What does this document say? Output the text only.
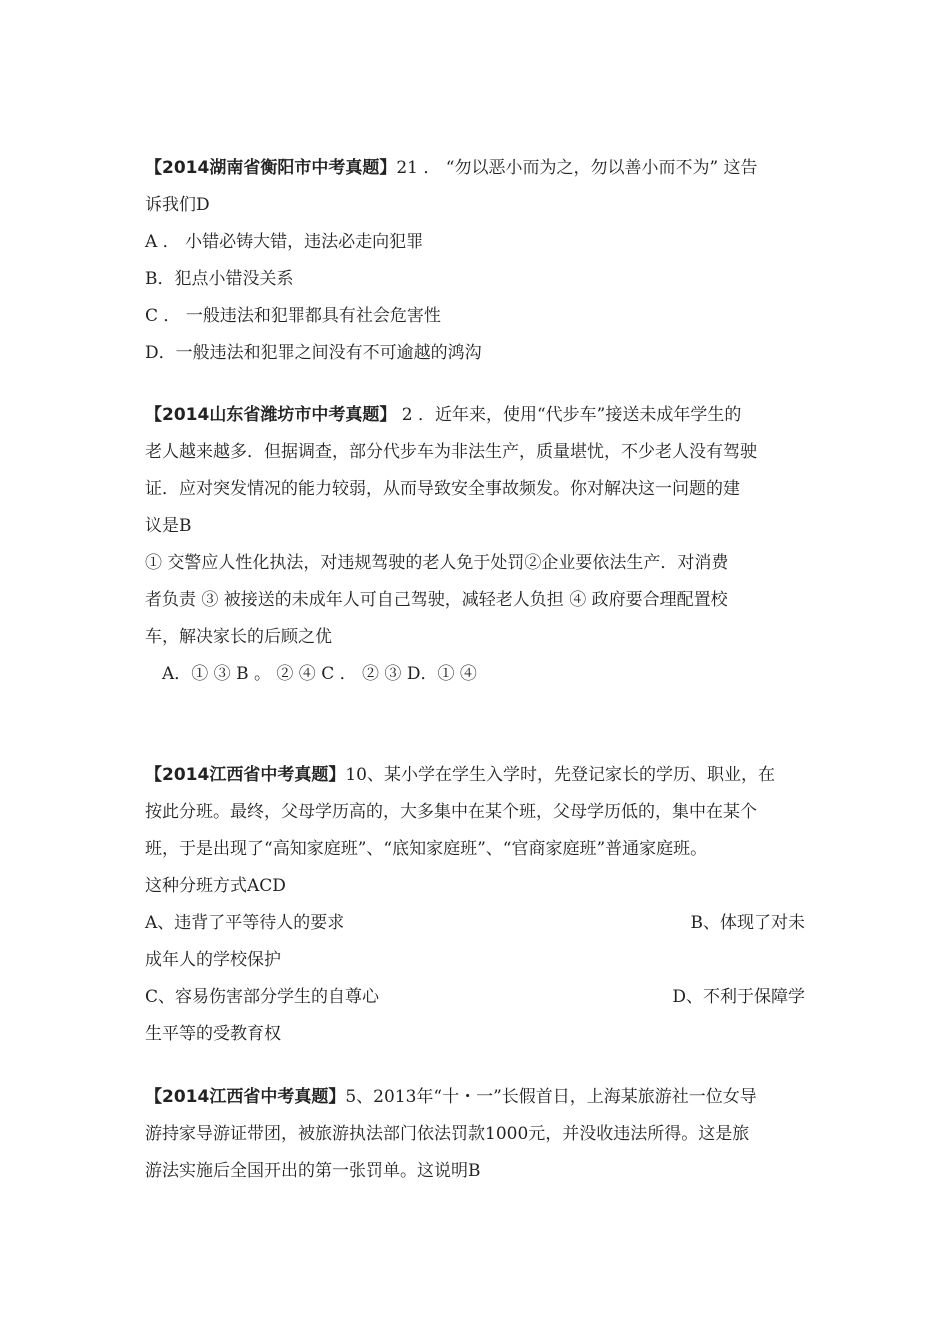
【2014湖南省衡阳市中考真题】21 ． “勿以恶小而为之，勿以善小而不为” 这告
诉我们D
A ． 小错必铸大错，违法必走向犯罪
B．犯点小错没关系
C ． 一般违法和犯罪都具有社会危害性
D．一般违法和犯罪之间没有不可逾越的鸿沟
【2014山东省潍坊市中考真题】 2 ．近年来，使用“代步车”接送未成年学生的
老人越来越多．但据调查，部分代步车为非法生产，质量堪忧，不少老人没有驾驶
证．应对突发情况的能力较弱，从而导致安全事故频发。你对解决这一问题的建
议是B
① 交警应人性化执法，对违规驾驶的老人免于处罚②企业要依法生产．对消费
者负责 ③ 被接送的未成年人可自己驾驶，减轻老人负担 ④ 政府要合理配置校
车，解决家长的后顾之优
A．① ③ B 。 ② ④ C ． ② ③ D．① ④
【2014江西省中考真题】10、某小学在学生入学时，先登记家长的学历、职业，在
按此分班。最终，父母学历高的，大多集中在某个班，父母学历低的，集中在某个
班，于是出现了“高知家庭班”、“底知家庭班”、“官商家庭班”普通家庭班。
这种分班方式ACD
A、违背了平等待人的要求	B、体现了对未
成年人的学校保护
C、容易伤害部分学生的自尊心	D、不利于保障学
生平等的受教育权
【2014江西省中考真题】5、2013年“十・一”长假首日，上海某旅游社一位女导
游持家导游证带团，被旅游执法部门依法罚款1000元，并没收违法所得。这是旅
游法实施后全国开出的第一张罚单。这说明B
